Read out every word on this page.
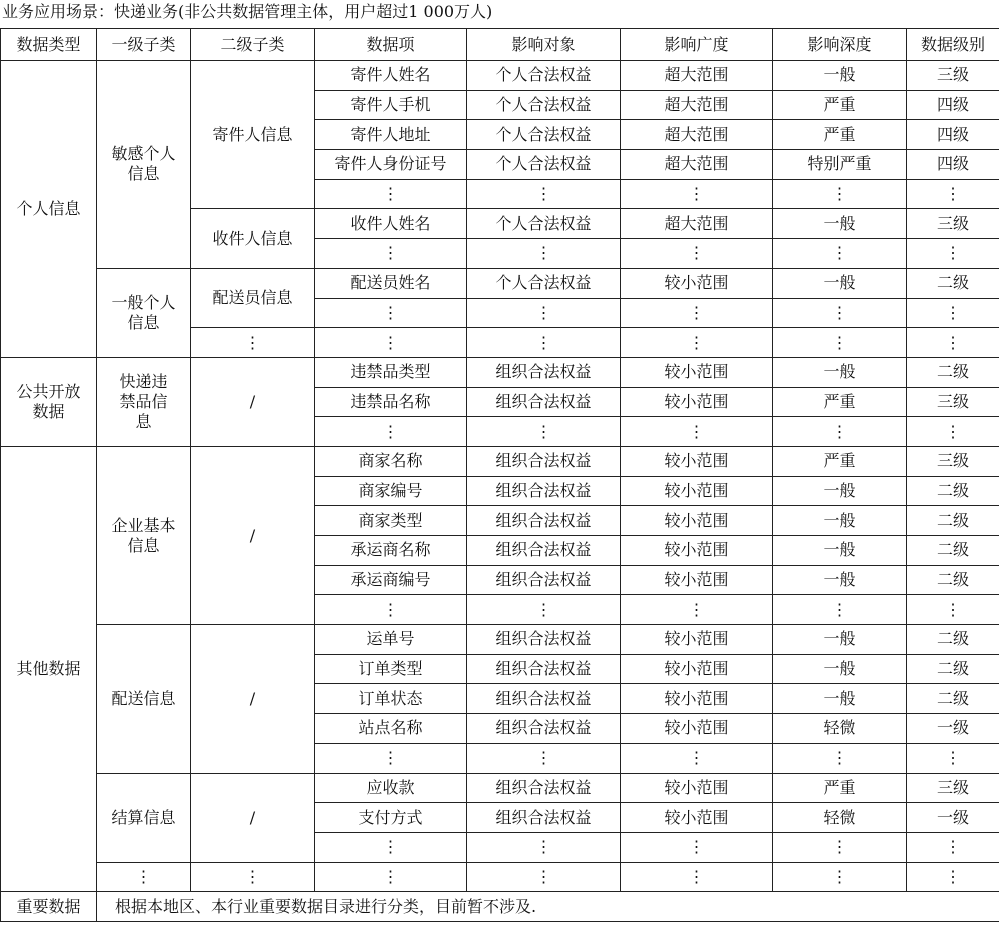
业务应用场景：快递业务(非公共数据管理主体，用户超过1 000万人)
数据类型	一级子类	二级子类	数据项	影响对象	影响广度	影响深度	数据级别
个人信息	敏感个人信息	寄件人信息	寄件人姓名	个人合法权益	超大范围	一般	三级
			寄件人手机	个人合法权益	超大范围	严重	四级
			寄件人地址	个人合法权益	超大范围	严重	四级
			寄件人身份证号	个人合法权益	超大范围	特别严重	四级
			⋮	⋮	⋮	⋮	⋮
		收件人信息	收件人姓名	个人合法权益	超大范围	一般	三级
			⋮	⋮	⋮	⋮	⋮

	一般个人信息	配送员信息	配送员姓名	个人合法权益	较小范围	一般	二级
			⋮	⋮	⋮	⋮	⋮
		⋮	⋮	⋮	⋮	⋮	⋮

公共开放数据	快递违禁品信息	/	违禁品类型	组织合法权益	较小范围	一般	二级
			违禁品名称	组织合法权益	较小范围	严重	三级
			⋮	⋮	⋮	⋮	⋮
其他数据	企业基本信息	/	商家名称	组织合法权益	较小范围	严重	三级
			商家编号	组织合法权益	较小范围	一般	二级
			商家类型	组织合法权益	较小范围	一般	二级
			承运商名称	组织合法权益	较小范围	一般	二级
			承运商编号	组织合法权益	较小范围	一般	二级
			⋮	⋮	⋮	⋮	⋮
	配送信息	/	运单号	组织合法权益	较小范围	一般	二级
			订单类型	组织合法权益	较小范围	一般	二级
			订单状态	组织合法权益	较小范围	一般	二级
			站点名称	组织合法权益	较小范围	轻微	一级
			⋮	⋮	⋮	⋮	⋮
	结算信息	/	应收款	组织合法权益	较小范围	严重	三级
			支付方式	组织合法权益	较小范围	轻微	一级
			⋮	⋮	⋮	⋮	⋮
	⋮	⋮	⋮	⋮	⋮	⋮	⋮
重要数据	根据本地区、本行业重要数据目录进行分类，目前暂不涉及.						
